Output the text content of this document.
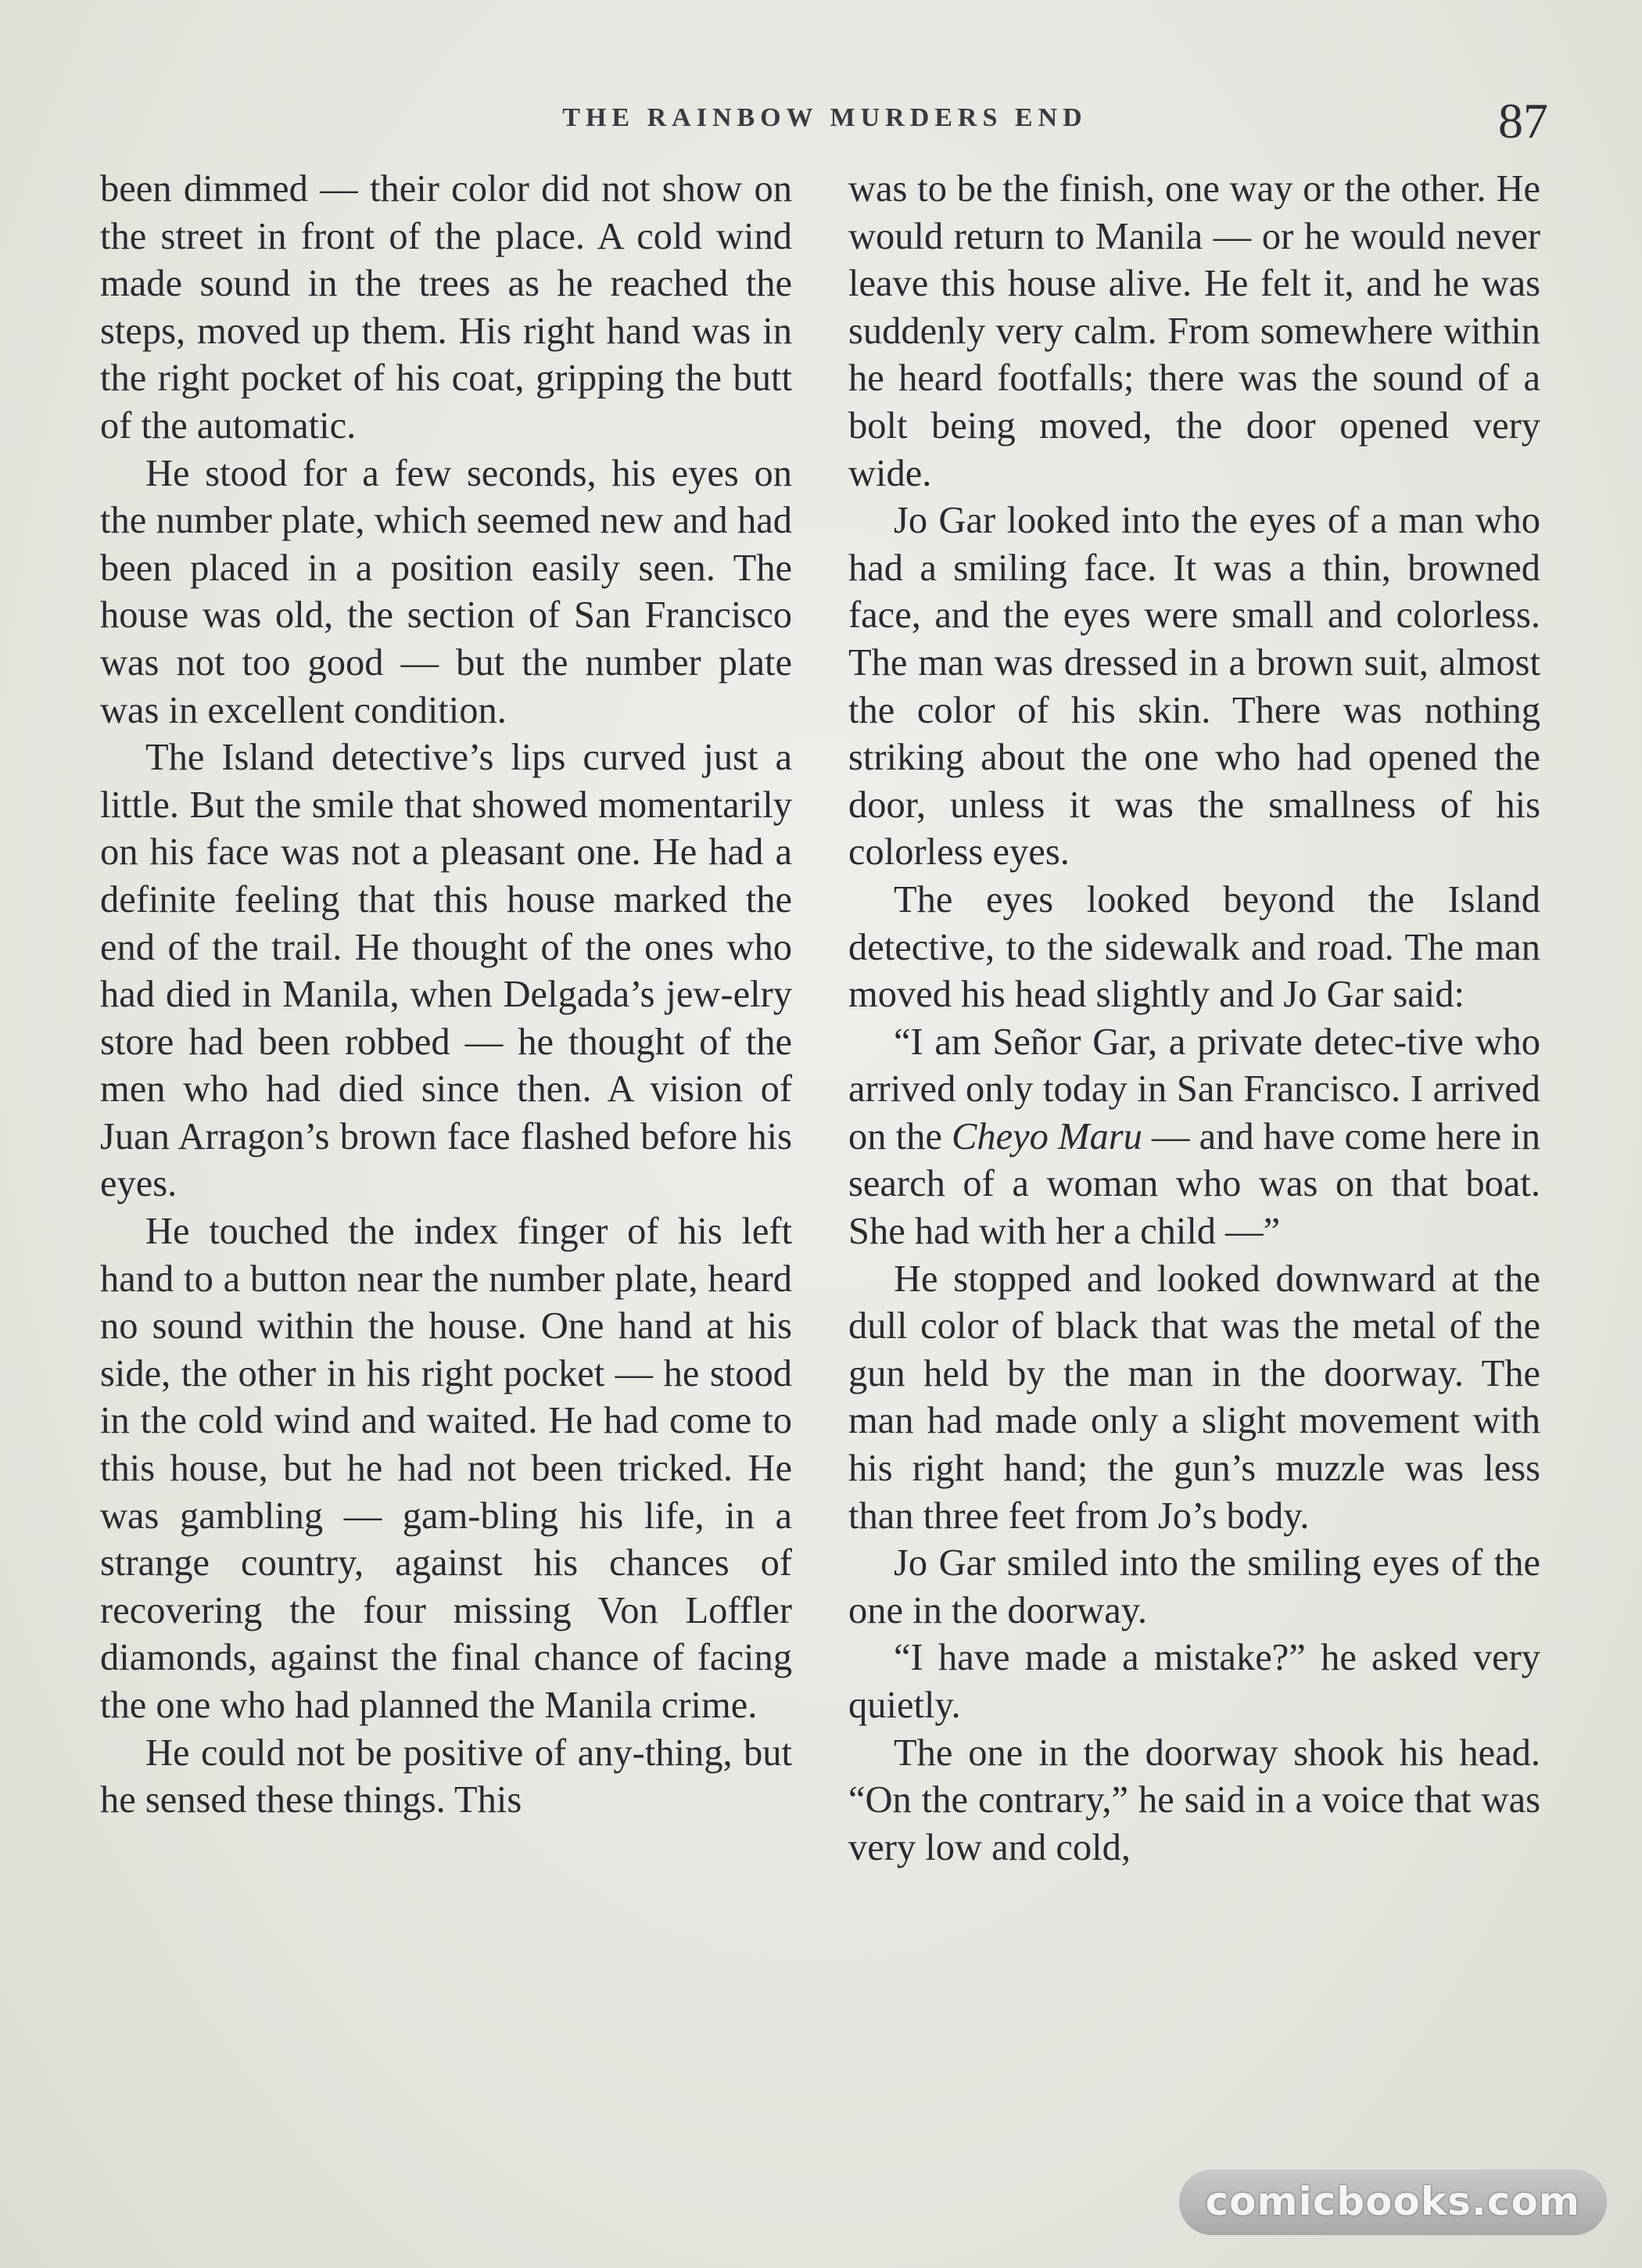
THE RAINBOW MURDERS END	87

been dimmed — their color did not show on the street in front of the place. A cold wind made sound in the trees as he reached the steps, moved up them. His right hand was in the right pocket of his coat, gripping the butt of the automatic.

He stood for a few seconds, his eyes on the number plate, which seemed new and had been placed in a position easily seen. The house was old, the section of San Francisco was not too good — but the number plate was in excellent condition.

The Island detective’s lips curved just a little. But the smile that showed momentarily on his face was not a pleasant one. He had a definite feeling that this house marked the end of the trail. He thought of the ones who had died in Manila, when Delgada’s jew-elry store had been robbed — he thought of the men who had died since then. A vision of Juan Arragon’s brown face flashed before his eyes.

He touched the index finger of his left hand to a button near the number plate, heard no sound within the house. One hand at his side, the other in his right pocket — he stood in the cold wind and waited. He had come to this house, but he had not been tricked. He was gambling — gam-bling his life, in a strange country, against his chances of recovering the four missing Von Loffler diamonds, against the final chance of facing the one who had planned the Manila crime.

He could not be positive of any-thing, but he sensed these things. This

was to be the finish, one way or the other. He would return to Manila — or he would never leave this house alive. He felt it, and he was suddenly very calm. From somewhere within he heard footfalls; there was the sound of a bolt being moved, the door opened very wide.

Jo Gar looked into the eyes of a man who had a smiling face. It was a thin, browned face, and the eyes were small and colorless. The man was dressed in a brown suit, almost the color of his skin. There was nothing striking about the one who had opened the door, unless it was the smallness of his colorless eyes.

The eyes looked beyond the Island detective, to the sidewalk and road. The man moved his head slightly and Jo Gar said:

“I am Señor Gar, a private detec-tive who arrived only today in San Francisco. I arrived on the Cheyo Maru — and have come here in search of a woman who was on that boat. She had with her a child —”

He stopped and looked downward at the dull color of black that was the metal of the gun held by the man in the doorway. The man had made only a slight movement with his right hand; the gun’s muzzle was less than three feet from Jo’s body.

Jo Gar smiled into the smiling eyes of the one in the doorway.

“I have made a mistake?” he asked very quietly.

The one in the doorway shook his head. “On the contrary,” he said in a voice that was very low and cold,

comicbooks.com
